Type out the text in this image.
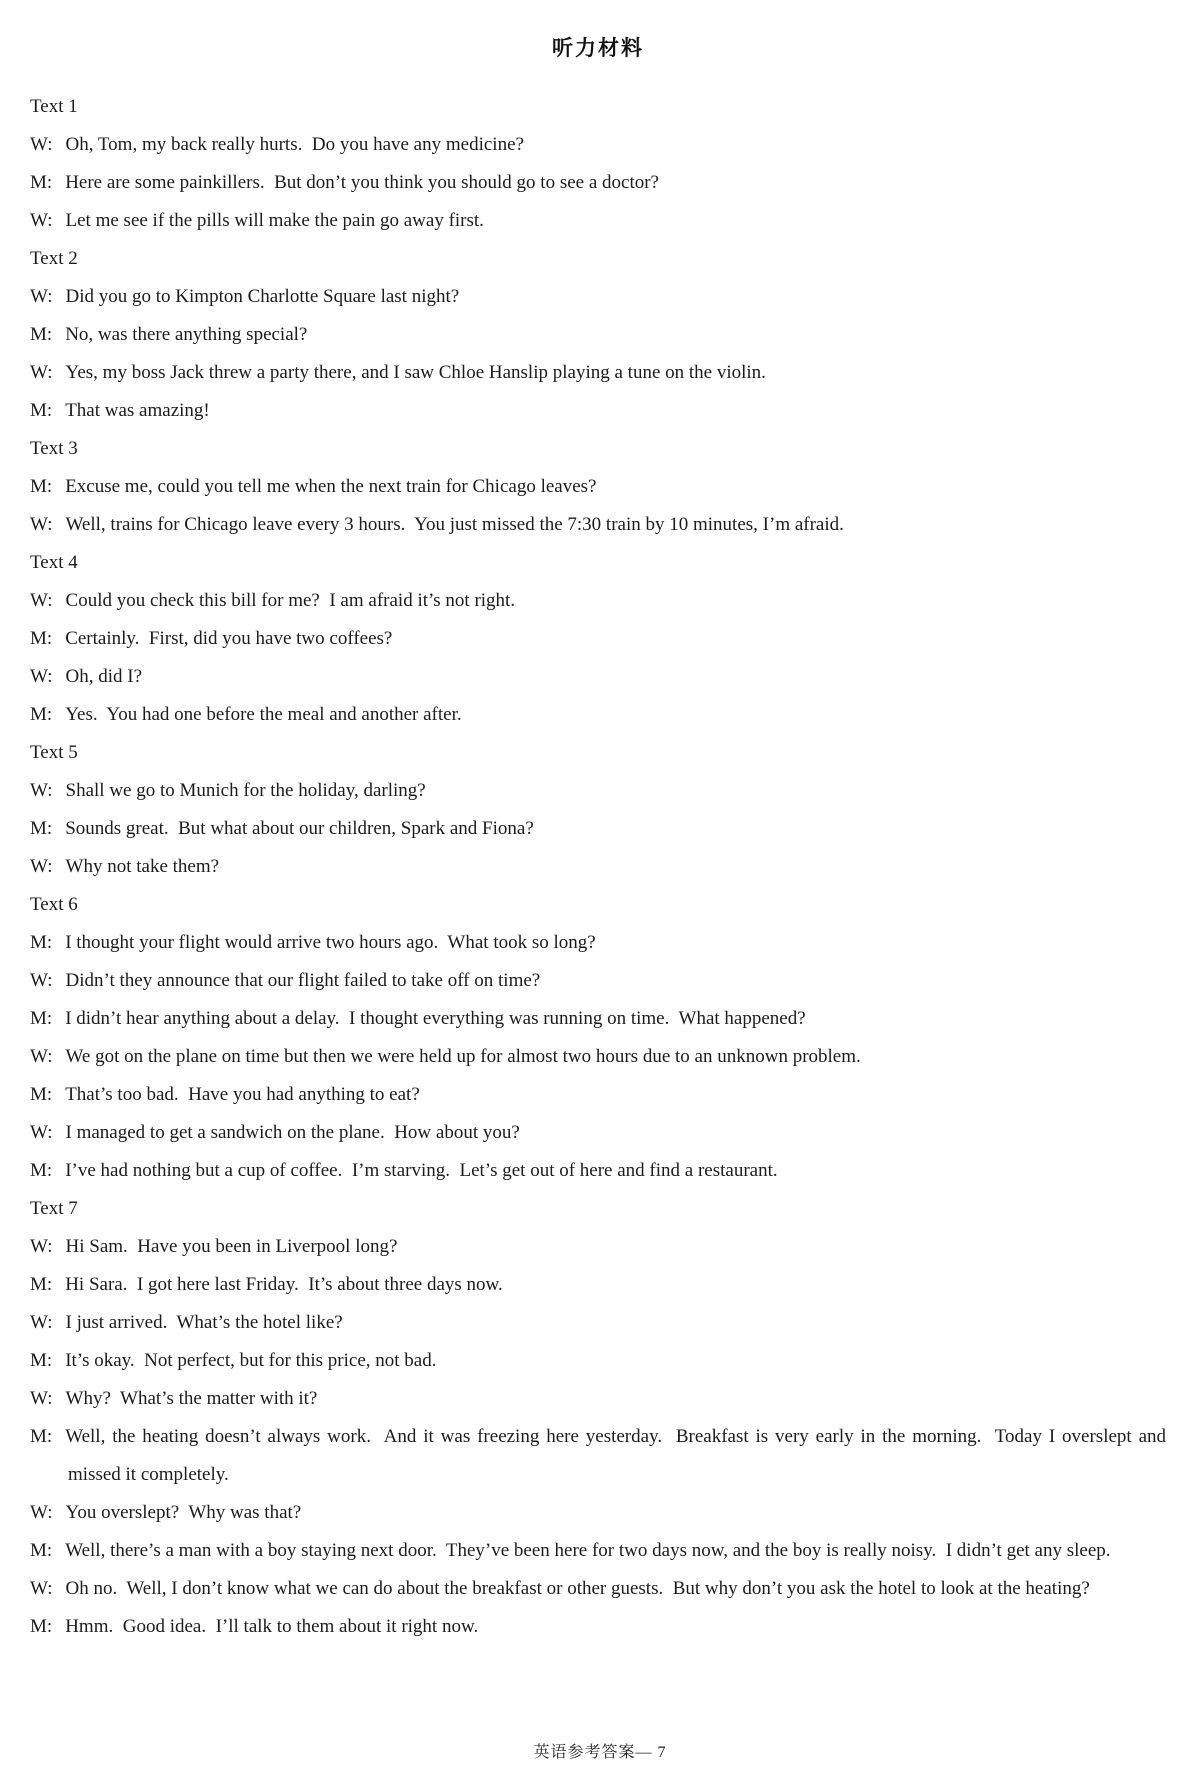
听力材料
Text 1
W: Oh, Tom, my back really hurts.  Do you have any medicine?
M: Here are some painkillers.  But don’t you think you should go to see a doctor?
W: Let me see if the pills will make the pain go away first.
Text 2
W: Did you go to Kimpton Charlotte Square last night?
M: No, was there anything special?
W: Yes, my boss Jack threw a party there, and I saw Chloe Hanslip playing a tune on the violin.
M: That was amazing!
Text 3
M: Excuse me, could you tell me when the next train for Chicago leaves?
W: Well, trains for Chicago leave every 3 hours.  You just missed the 7:30 train by 10 minutes, I’m afraid.
Text 4
W: Could you check this bill for me?  I am afraid it’s not right.
M: Certainly.  First, did you have two coffees?
W: Oh, did I?
M: Yes.  You had one before the meal and another after.
Text 5
W: Shall we go to Munich for the holiday, darling?
M: Sounds great.  But what about our children, Spark and Fiona?
W: Why not take them?
Text 6
M: I thought your flight would arrive two hours ago.  What took so long?
W: Didn’t they announce that our flight failed to take off on time?
M: I didn’t hear anything about a delay.  I thought everything was running on time.  What happened?
W: We got on the plane on time but then we were held up for almost two hours due to an unknown problem.
M: That’s too bad.  Have you had anything to eat?
W: I managed to get a sandwich on the plane.  How about you?
M: I’ve had nothing but a cup of coffee.  I’m starving.  Let’s get out of here and find a restaurant.
Text 7
W: Hi Sam.  Have you been in Liverpool long?
M: Hi Sara.  I got here last Friday.  It’s about three days now.
W: I just arrived.  What’s the hotel like?
M: It’s okay.  Not perfect, but for this price, not bad.
W: Why?  What’s the matter with it?
M: Well, the heating doesn’t always work.  And it was freezing here yesterday.  Breakfast is very early in the morning.  Today I overslept and missed it completely.
W: You overslept?  Why was that?
M: Well, there’s a man with a boy staying next door.  They’ve been here for two days now, and the boy is really noisy.  I didn’t get any sleep.
W: Oh no.  Well, I don’t know what we can do about the breakfast or other guests.  But why don’t you ask the hotel to look at the heating?
M: Hmm.  Good idea.  I’ll talk to them about it right now.
英语参考答案— 7
